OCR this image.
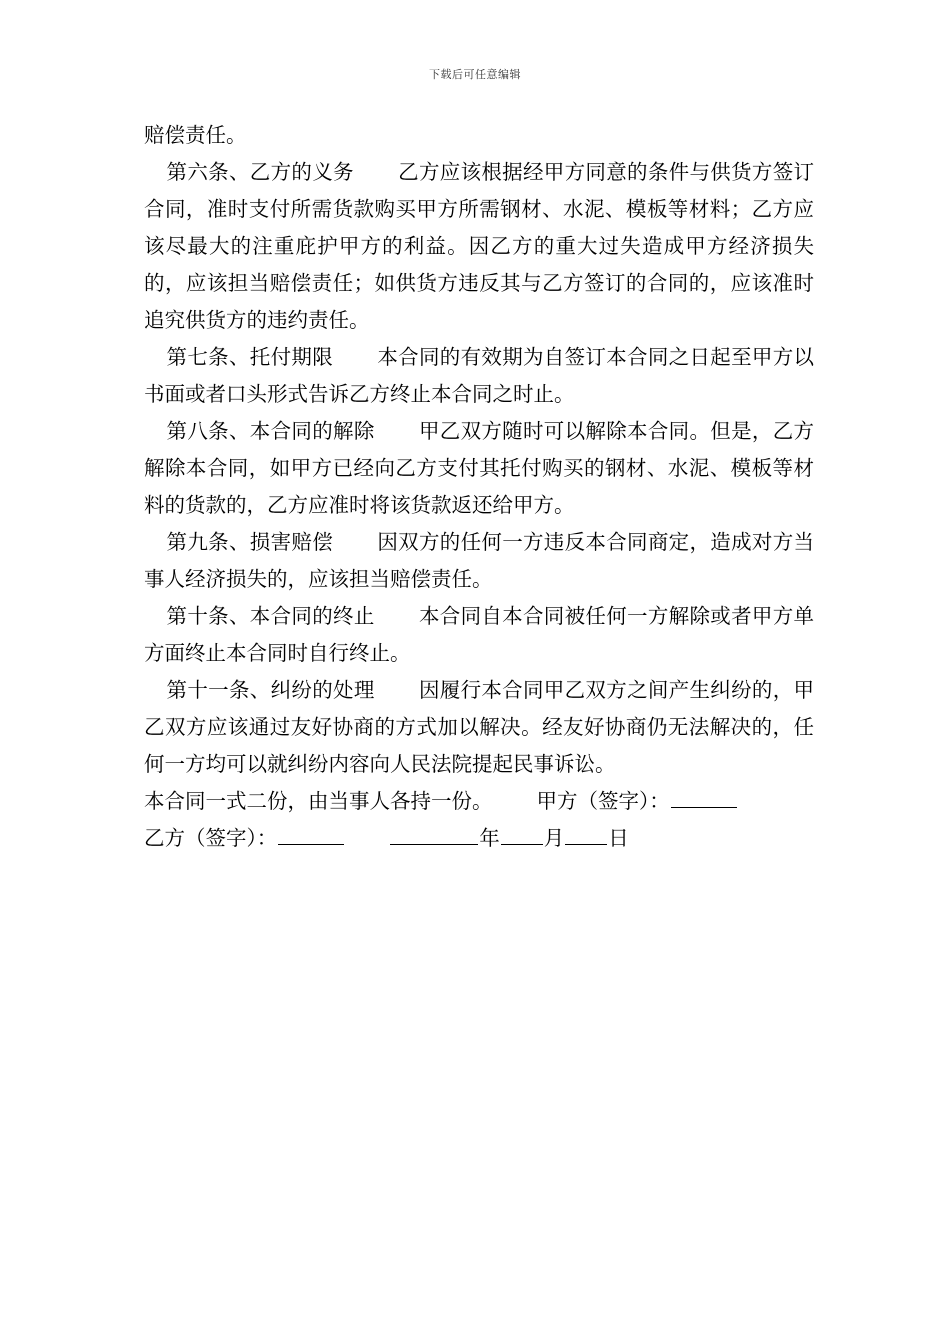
下载后可任意编辑

赔偿责任。

第六条、乙方的义务 乙方应该根据经甲方同意的条件与供货方签订合同，准时支付所需货款购买甲方所需钢材、水泥、模板等材料；乙方应该尽最大的注重庇护甲方的利益。因乙方的重大过失造成甲方经济损失的，应该担当赔偿责任；如供货方违反其与乙方签订的合同的，应该准时追究供货方的违约责任。

第七条、托付期限 本合同的有效期为自签订本合同之日起至甲方以书面或者口头形式告诉乙方终止本合同之时止。

第八条、本合同的解除 甲乙双方随时可以解除本合同。但是，乙方解除本合同，如甲方已经向乙方支付其托付购买的钢材、水泥、模板等材料的货款的，乙方应准时将该货款返还给甲方。

第九条、损害赔偿 因双方的任何一方违反本合同商定，造成对方当事人经济损失的，应该担当赔偿责任。

第十条、本合同的终止 本合同自本合同被任何一方解除或者甲方单方面终止本合同时自行终止。

第十一条、纠纷的处理 因履行本合同甲乙双方之间产生纠纷的，甲乙双方应该通过友好协商的方式加以解决。经友好协商仍无法解决的，任何一方均可以就纠纷内容向人民法院提起民事诉讼。

本合同一式二份，由当事人各持一份。 甲方（签字）：

乙方（签字）：	年 月 日
